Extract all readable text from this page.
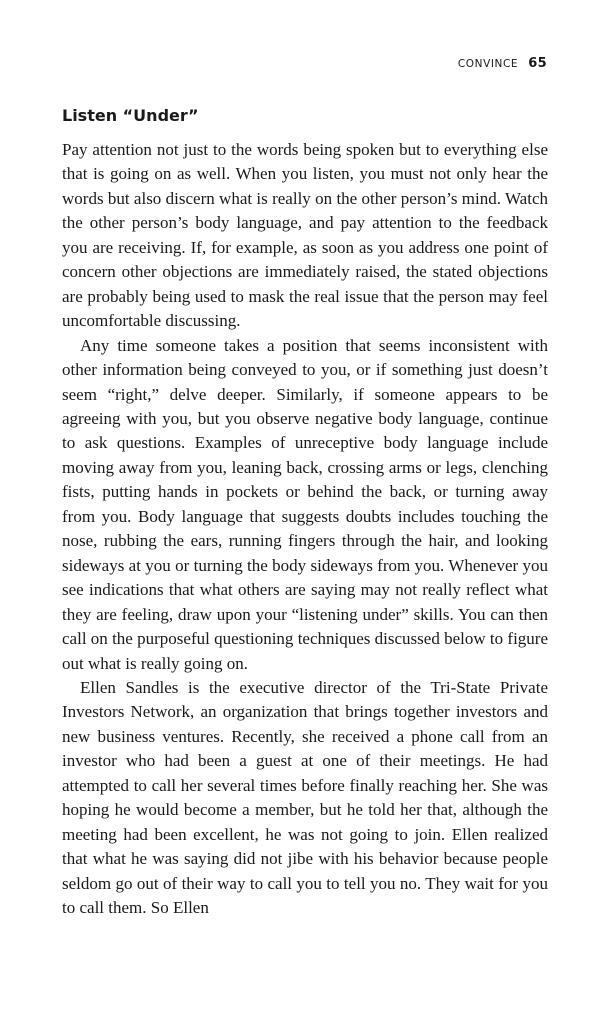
CONVINCE 65
Listen “Under”

Pay attention not just to the words being spoken but to everything else that is going on as well. When you listen, you must not only hear the words but also discern what is really on the other person’s mind. Watch the other person’s body language, and pay attention to the feedback you are receiving. If, for example, as soon as you address one point of concern other objections are immediately raised, the stated objections are probably being used to mask the real issue that the person may feel uncomfortable discussing.

Any time someone takes a position that seems inconsistent with other information being conveyed to you, or if something just doesn’t seem “right,” delve deeper. Similarly, if someone appears to be agreeing with you, but you observe negative body language, continue to ask questions. Examples of unreceptive body language include moving away from you, leaning back, crossing arms or legs, clenching fists, putting hands in pockets or behind the back, or turning away from you. Body language that suggests doubts includes touching the nose, rubbing the ears, running fingers through the hair, and looking sideways at you or turning the body sideways from you. Whenever you see indications that what others are saying may not really reflect what they are feeling, draw upon your “listening under” skills. You can then call on the purposeful questioning techniques discussed below to figure out what is really going on.

Ellen Sandles is the executive director of the Tri-State Private Investors Network, an organization that brings together investors and new business ventures. Recently, she received a phone call from an investor who had been a guest at one of their meetings. He had attempted to call her several times before finally reaching her. She was hoping he would become a member, but he told her that, although the meeting had been excellent, he was not going to join. Ellen realized that what he was saying did not jibe with his behavior because people seldom go out of their way to call you to tell you no. They wait for you to call them. So Ellen
